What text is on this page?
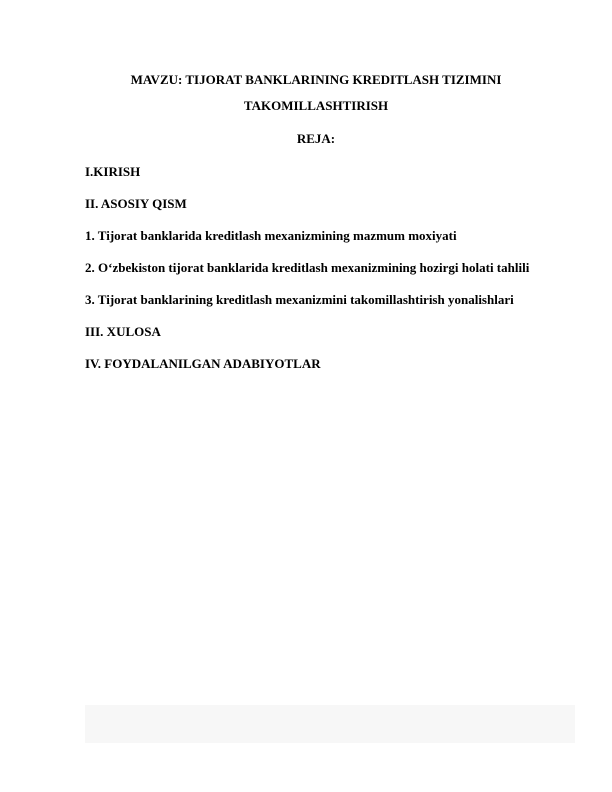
MAVZU: TIJORAT BANKLARINING KREDITLASH TIZIMINI
TAKOMILLASHTIRISH
REJA:
I.KIRISH
II. ASOSIY QISM
1. Tijorat banklarida kreditlash mexanizmining mazmum moxiyati
2. O‘zbekiston tijorat banklarida kreditlash mexanizmining hozirgi holati tahlili
3. Tijorat banklarining kreditlash mexanizmini takomillashtirish yonalishlari
III. XULOSA
IV. FOYDALANILGAN ADABIYOTLAR
